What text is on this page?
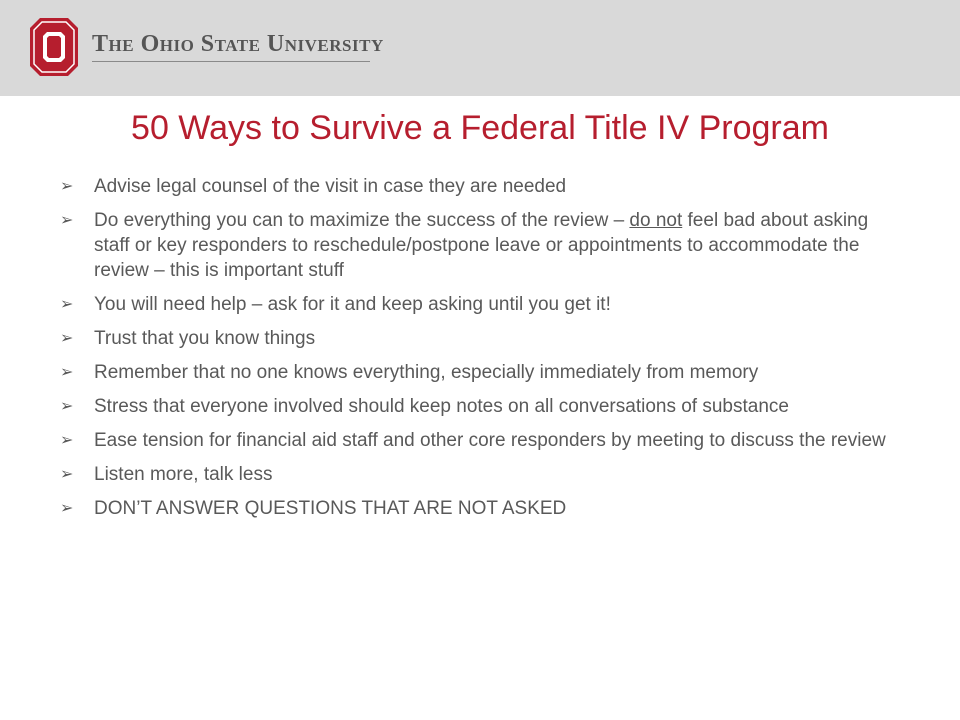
The Ohio State University
50 Ways to Survive a Federal Title IV Program
➢	Advise legal counsel of the visit in case they are needed
➢	Do everything you can to maximize the success of the review – do not feel bad about asking staff or key responders to reschedule/postpone leave or appointments to accommodate the review – this is important stuff
➢	You will need help – ask for it and keep asking until you get it!
➢	Trust that you know things
➢	Remember that no one knows everything, especially immediately from memory
➢	Stress that everyone involved should keep notes on all conversations of substance
➢	Ease tension for financial aid staff and other core responders by meeting to discuss the review
➢	Listen more, talk less
➢	DON’T ANSWER QUESTIONS THAT ARE NOT ASKED
